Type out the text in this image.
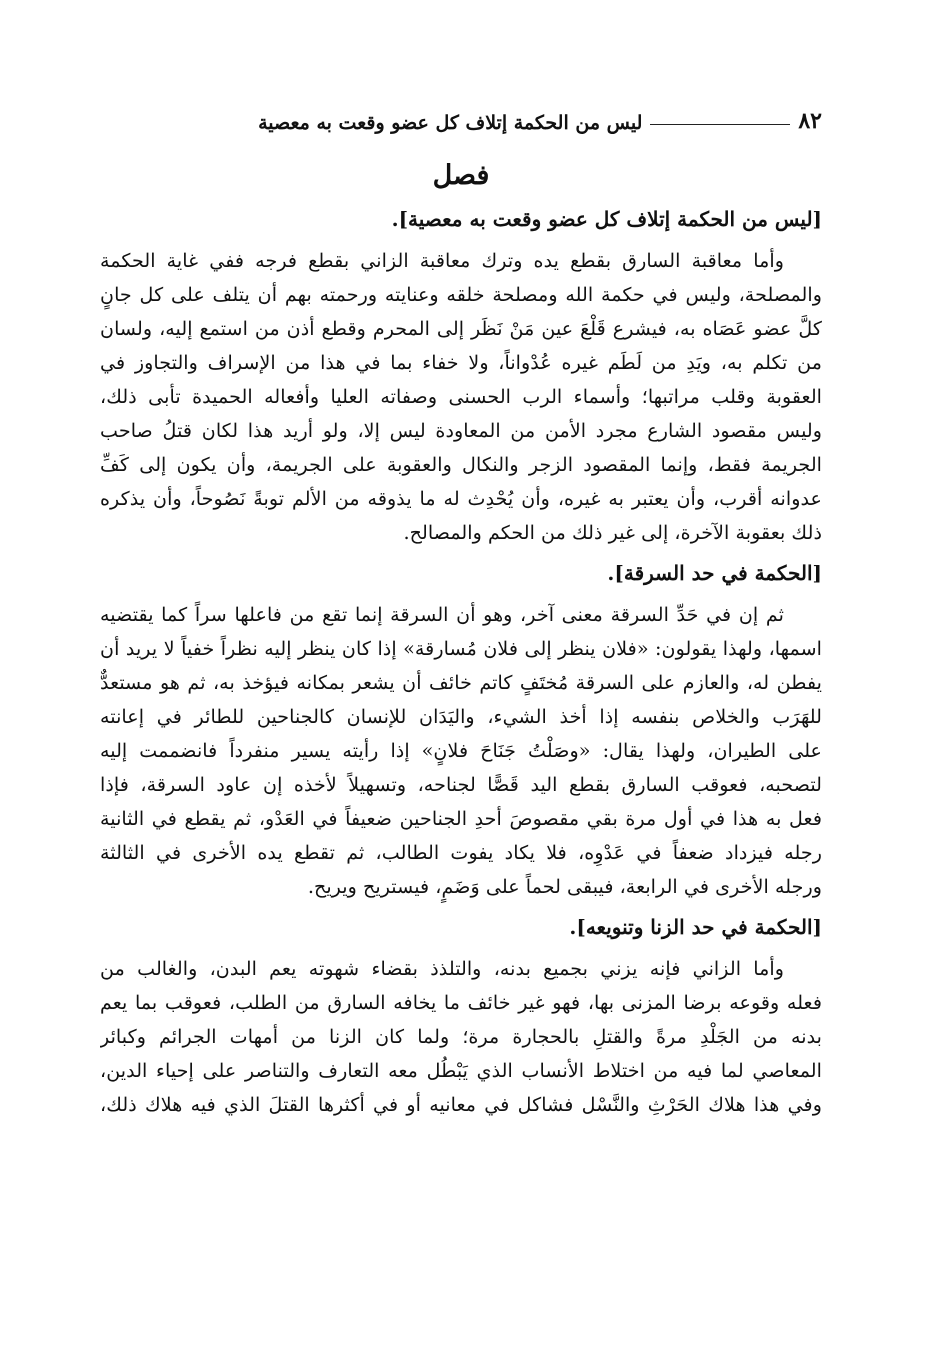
٨٢
ليس من الحكمة إتلاف كل عضو وقعت به معصية
فصل
[ليس من الحكمة إتلاف كل عضو وقعت به معصية].
وأما معاقبة السارق بقطع يده وترك معاقبة الزاني بقطع فرجه ففي غاية الحكمة
والمصلحة، وليس في حكمة الله ومصلحة خلقه وعنايته ورحمته بهم أن يتلف على كل جانٍ
كلَّ عضو عَصَاه به، فيشرع قَلْعَ عين مَنْ نَظَر إلى المحرم وقطع أذن من استمع إليه، ولسان
من تكلم به، ويَدِ من لَطَم غيره عُدْواناً، ولا خفاء بما في هذا من الإسراف والتجاوز في
العقوبة وقلب مراتبها؛ وأسماء الرب الحسنى وصفاته العليا وأفعاله الحميدة تأبى ذلك،
وليس مقصود الشارع مجرد الأمن من المعاودة ليس إلا، ولو أريد هذا لكان قتلُ صاحب
الجريمة فقط، وإنما المقصود الزجر والنكال والعقوبة على الجريمة، وأن يكون إلى كَفِّ
عدوانه أقرب، وأن يعتبر به غيره، وأن يُحْدِث له ما يذوقه من الألم توبةً نَصُوحاً، وأن يذكره
ذلك بعقوبة الآخرة، إلى غير ذلك من الحكم والمصالح.
[الحكمة في حد السرقة].
ثم إن في حَدِّ السرقة معنى آخر، وهو أن السرقة إنما تقع من فاعلها سراً كما يقتضيه
اسمها، ولهذا يقولون: «فلان ينظر إلى فلان مُسارقة» إذا كان ينظر إليه نظراً خفياً لا يريد أن
يفطن له، والعازم على السرقة مُختَفٍ كاتم خائف أن يشعر بمكانه فيؤخذ به، ثم هو مستعدٌّ
للهَرَب والخلاص بنفسه إذا أخذ الشيء، واليَدَان للإنسان كالجناحين للطائر في إعانته
على الطيران، ولهذا يقال: «وصَلْتُ جَنَاحَ فلانٍ» إذا رأيته يسير منفرداً فانضممت إليه
لتصحبه، فعوقب السارق بقطع اليد قَصًّا لجناحه، وتسهيلاً لأخذه إن عاود السرقة، فإذا
فعل به هذا في أول مرة بقي مقصوصَ أحدِ الجناحين ضعيفاً في العَدْو، ثم يقطع في الثانية
رجله فيزداد ضعفاً في عَدْوِه، فلا يكاد يفوت الطالب، ثم تقطع يده الأخرى في الثالثة
ورجله الأخرى في الرابعة، فيبقى لحماً على وَضَمٍ، فيستريح ويريح.
[الحكمة في حد الزنا وتنويعه].
وأما الزاني فإنه يزني بجميع بدنه، والتلذذ بقضاء شهوته يعم البدن، والغالب من
فعله وقوعه برضا المزنى بها، فهو غير خائف ما يخافه السارق من الطلب، فعوقب بما يعم
بدنه من الجَلْدِ مرةً والقتلِ بالحجارة مرة؛ ولما كان الزنا من أمهات الجرائم وكبائر
المعاصي لما فيه من اختلاط الأنساب الذي يَبْطُل معه التعارف والتناصر على إحياء الدين،
وفي هذا هلاك الحَرْثِ والنَّسْل فشاكل في معانيه أو في أكثرها القتلَ الذي فيه هلاك ذلك،
